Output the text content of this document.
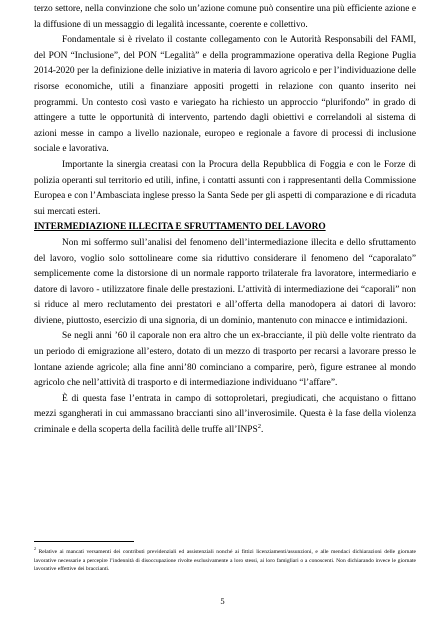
terzo settore, nella convinzione che solo un’azione comune può consentire una più efficiente azione e la diffusione di un messaggio di legalità incessante, coerente e collettivo.

Fondamentale si è rivelato il costante collegamento con le Autorità Responsabili del FAMI, del PON “Inclusione”, del PON “Legalità” e della programmazione operativa della Regione Puglia 2014-2020 per la definizione delle iniziative in materia di lavoro agricolo e per l’individuazione delle risorse economiche, utili a finanziare appositi progetti in relazione con quanto inserito nei programmi. Un contesto così vasto e variegato ha richiesto un approccio “plurifondo” in grado di attingere a tutte le opportunità di intervento, partendo dagli obiettivi e correlandoli al sistema di azioni messe in campo a livello nazionale, europeo e regionale a favore di processi di inclusione sociale e lavorativa.

Importante la sinergia creatasi con la Procura della Repubblica di Foggia e con le Forze di polizia operanti sul territorio ed utili, infine, i contatti assunti con i rappresentanti della Commissione Europea e con l’Ambasciata inglese presso la Santa Sede per gli aspetti di comparazione e di ricaduta sui mercati esteri.

INTERMEDIAZIONE ILLECITA E SFRUTTAMENTO DEL LAVORO

Non mi soffermo sull’analisi del fenomeno dell’intermediazione illecita e dello sfruttamento del lavoro, voglio solo sottolineare come sia riduttivo considerare il fenomeno del “caporalato” semplicemente come la distorsione di un normale rapporto trilaterale fra lavoratore, intermediario e datore di lavoro - utilizzatore finale delle prestazioni. L’attività di intermediazione dei “caporali” non si riduce al mero reclutamento dei prestatori e all’offerta della manodopera ai datori di lavoro: diviene, piuttosto, esercizio di una signoria, di un dominio, mantenuto con minacce e intimidazioni.

Se negli anni ’60 il caporale non era altro che un ex-bracciante, il più delle volte rientrato da un periodo di emigrazione all’estero, dotato di un mezzo di trasporto per recarsi a lavorare presso le lontane aziende agricole; alla fine anni’80 cominciano a comparire, però, figure estranee al mondo agricolo che nell’attività di trasporto e di intermediazione individuano “l’affare”.

È di questa fase l’entrata in campo di sottoproletari, pregiudicati, che acquistano o fittano mezzi sgangherati in cui ammassano braccianti sino all’inverosimile. Questa è la fase della violenza criminale e della scoperta della facilità delle truffe all’INPS$^2$.

$^2$ Relative ai mancati versamenti dei contributi previdenziali ed assistenziali nonché ai fittizi licenziamenti/assunzioni, e alle mendaci dichiarazioni delle giornate lavorative necessarie a percepire l’indennità di disoccupazione rivolte esclusivamente a loro stessi, ai loro famigliari o a conoscenti. Non dichiarando invece le giornate lavorative effettive dei braccianti.
5
